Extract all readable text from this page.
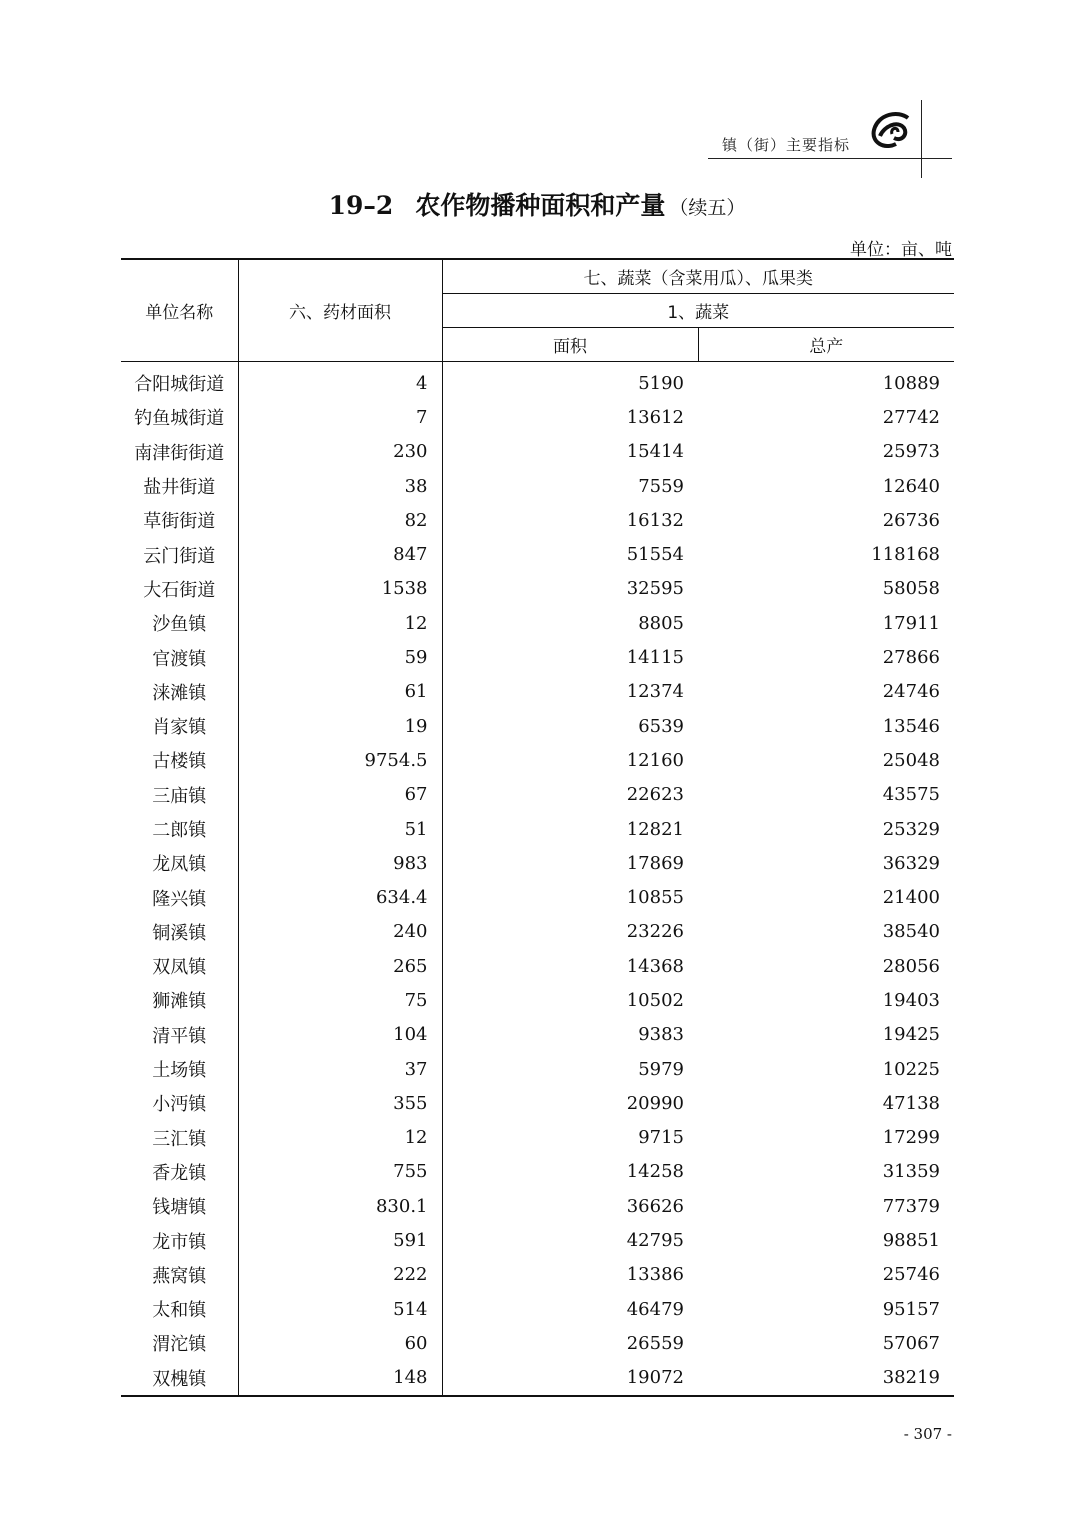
镇（街）主要指标
19–2 农作物播种面积和产量 （续五）
单位：亩、吨
单位名称	六、药材面积	七、蔬菜（含菜用瓜）、瓜果类	
		1、蔬菜	
		面积	总产
合阳城街道	4	5190	10889
钓鱼城街道	7	13612	27742
南津街街道	230	15414	25973
盐井街道	38	7559	12640
草街街道	82	16132	26736
云门街道	847	51554	118168
大石街道	1538	32595	58058
沙鱼镇	12	8805	17911
官渡镇	59	14115	27866
涞滩镇	61	12374	24746
肖家镇	19	6539	13546
古楼镇	9754.5	12160	25048
三庙镇	67	22623	43575
二郎镇	51	12821	25329
龙凤镇	983	17869	36329
隆兴镇	634.4	10855	21400
铜溪镇	240	23226	38540
双凤镇	265	14368	28056
狮滩镇	75	10502	19403
清平镇	104	9383	19425
土场镇	37	5979	10225
小沔镇	355	20990	47138
三汇镇	12	9715	17299
香龙镇	755	14258	31359
钱塘镇	830.1	36626	77379
龙市镇	591	42795	98851
燕窝镇	222	13386	25746
太和镇	514	46479	95157
渭沱镇	60	26559	57067
双槐镇	148	19072	38219
- 307 -
